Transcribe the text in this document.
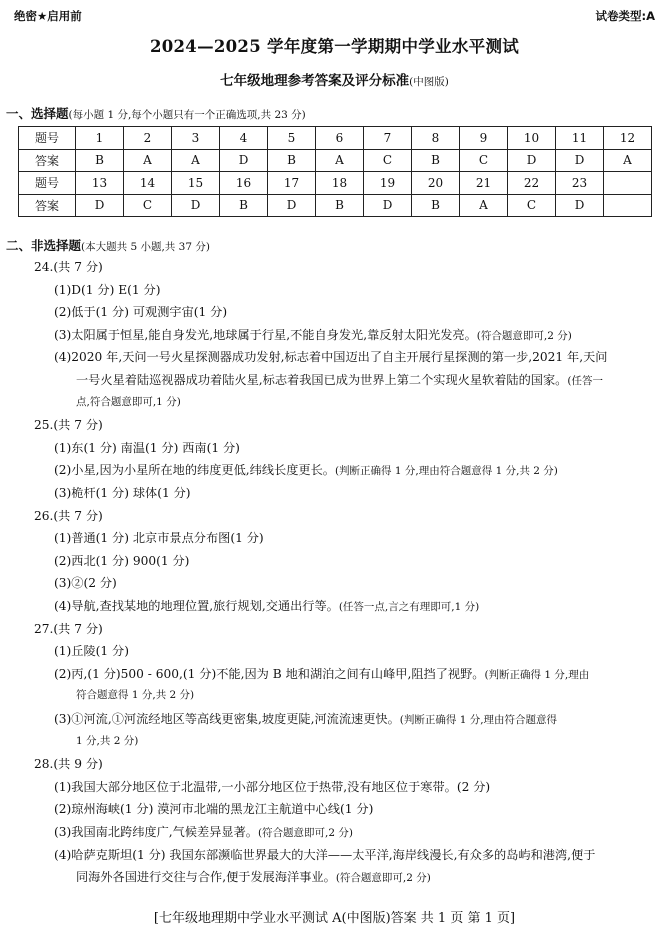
绝密★启用前	试卷类型:A
2024—2025 学年度第一学期期中学业水平测试
七年级地理参考答案及评分标准(中图版)
一、选择题(每小题 1 分,每个小题只有一个正确选项,共 23 分)
题号	1	2	3	4	5	6	7	8	9	10	11	12
答案	B	A	A	D	B	A	C	B	C	D	D	A
题号	13	14	15	16	17	18	19	20	21	22	23	
答案	D	C	D	B	D	B	D	B	A	C	D	
二、非选择题(本大题共 5 小题,共 37 分)
24.(共 7 分)
(1)D(1 分) E(1 分)
(2)低于(1 分) 可观测宇宙(1 分)
(3)太阳属于恒星,能自身发光,地球属于行星,不能自身发光,靠反射太阳光发亮。(符合题意即可,2 分)
(4)2020 年,天问一号火星探测器成功发射,标志着中国迈出了自主开展行星探测的第一步,2021 年,天问
一号火星着陆巡视器成功着陆火星,标志着我国已成为世界上第二个实现火星软着陆的国家。(任答一
点,符合题意即可,1 分)
25.(共 7 分)
(1)东(1 分) 南温(1 分) 西南(1 分)
(2)小星,因为小星所在地的纬度更低,纬线长度更长。(判断正确得 1 分,理由符合题意得 1 分,共 2 分)
(3)桅杆(1 分) 球体(1 分)
26.(共 7 分)
(1)普通(1 分) 北京市景点分布图(1 分)
(2)西北(1 分) 900(1 分)
(3)②(2 分)
(4)导航,查找某地的地理位置,旅行规划,交通出行等。(任答一点,言之有理即可,1 分)
27.(共 7 分)
(1)丘陵(1 分)
(2)丙,(1 分)500 - 600,(1 分)不能,因为 B 地和湖泊之间有山峰甲,阻挡了视野。(判断正确得 1 分,理由
符合题意得 1 分,共 2 分)
(3)①河流,①河流经地区等高线更密集,坡度更陡,河流流速更快。(判断正确得 1 分,理由符合题意得
1 分,共 2 分)
28.(共 9 分)
(1)我国大部分地区位于北温带,一小部分地区位于热带,没有地区位于寒带。(2 分)
(2)琼州海峡(1 分) 漠河市北端的黑龙江主航道中心线(1 分)
(3)我国南北跨纬度广,气候差异显著。(符合题意即可,2 分)
(4)哈萨克斯坦(1 分) 我国东部濒临世界最大的大洋——太平洋,海岸线漫长,有众多的岛屿和港湾,便于
同海外各国进行交往与合作,便于发展海洋事业。(符合题意即可,2 分)
[七年级地理期中学业水平测试 A(中图版)答案 共 1 页 第 1 页]
